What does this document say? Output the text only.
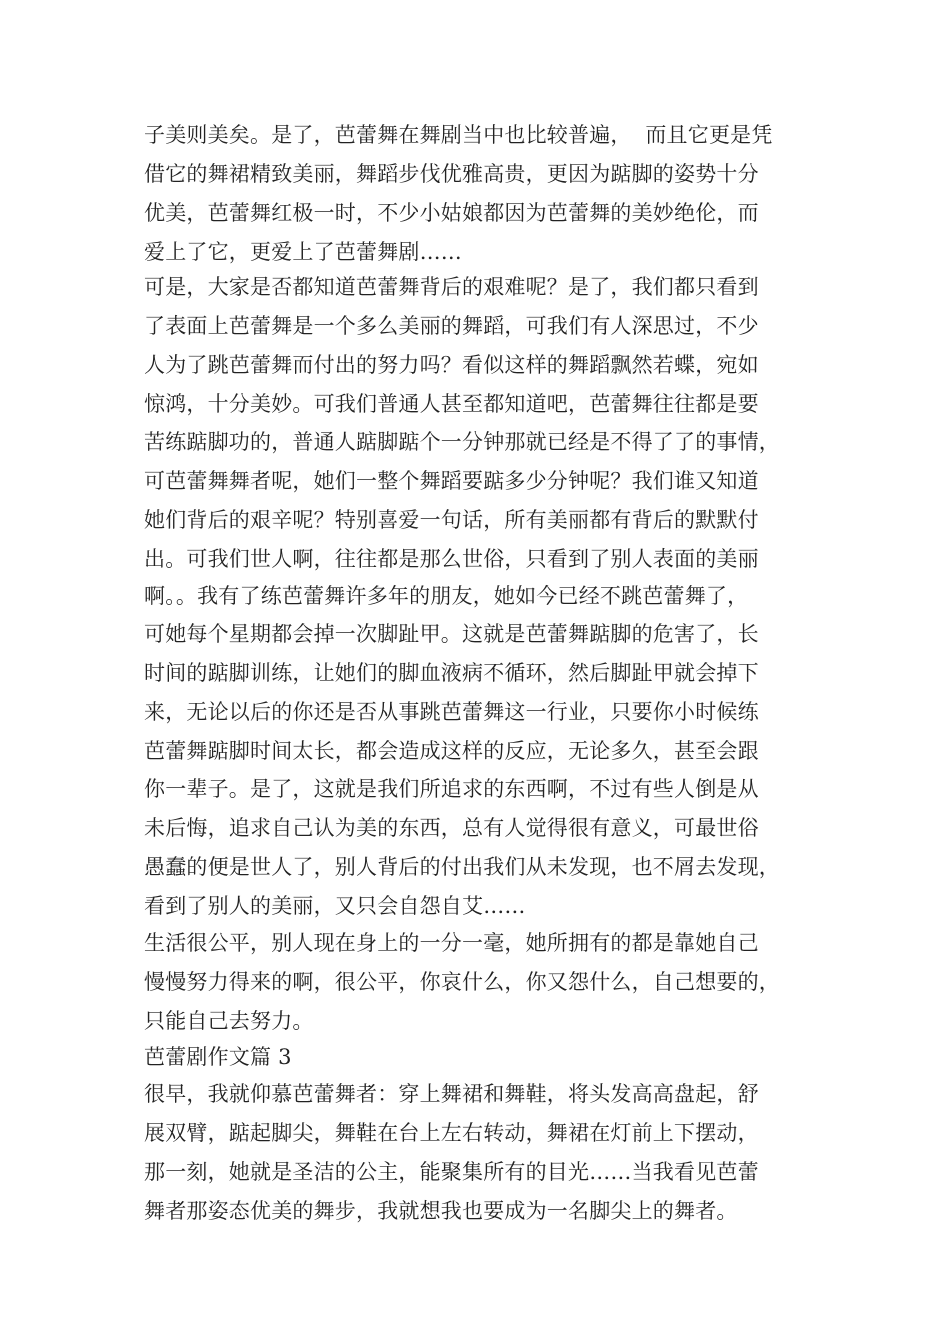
子美则美矣。是了，芭蕾舞在舞剧当中也比较普遍，  而且它更是凭
借它的舞裙精致美丽，舞蹈步伐优雅高贵，更因为踮脚的姿势十分
优美，芭蕾舞红极一时，不少小姑娘都因为芭蕾舞的美妙绝伦，而
爱上了它，更爱上了芭蕾舞剧……
可是，大家是否都知道芭蕾舞背后的艰难呢？是了，我们都只看到
了表面上芭蕾舞是一个多么美丽的舞蹈，可我们有人深思过，不少
人为了跳芭蕾舞而付出的努力吗？看似这样的舞蹈飘然若蝶，宛如
惊鸿，十分美妙。可我们普通人甚至都知道吧，芭蕾舞往往都是要
苦练踮脚功的，普通人踮脚踮个一分钟那就已经是不得了了的事情，
可芭蕾舞舞者呢，她们一整个舞蹈要踮多少分钟呢？我们谁又知道
她们背后的艰辛呢？特别喜爱一句话，所有美丽都有背后的默默付
出。可我们世人啊，往往都是那么世俗，只看到了别人表面的美丽
啊。。我有了练芭蕾舞许多年的朋友，她如今已经不跳芭蕾舞了，
可她每个星期都会掉一次脚趾甲。这就是芭蕾舞踮脚的危害了，长
时间的踮脚训练，让她们的脚血液病不循环，然后脚趾甲就会掉下
来，无论以后的你还是否从事跳芭蕾舞这一行业，只要你小时候练
芭蕾舞踮脚时间太长，都会造成这样的反应，无论多久，甚至会跟
你一辈子。是了，这就是我们所追求的东西啊，不过有些人倒是从
未后悔，追求自己认为美的东西，总有人觉得很有意义，可最世俗
愚蠢的便是世人了，别人背后的付出我们从未发现，也不屑去发现，
看到了别人的美丽，又只会自怨自艾……
生活很公平，别人现在身上的一分一毫，她所拥有的都是靠她自己
慢慢努力得来的啊，很公平，你哀什么，你又怨什么，自己想要的，
只能自己去努力。
芭蕾剧作文篇 3
很早，我就仰慕芭蕾舞者：穿上舞裙和舞鞋，将头发高高盘起，舒
展双臂，踮起脚尖，舞鞋在台上左右转动，舞裙在灯前上下摆动，
那一刻，她就是圣洁的公主，能聚集所有的目光……当我看见芭蕾
舞者那姿态优美的舞步，我就想我也要成为一名脚尖上的舞者。
